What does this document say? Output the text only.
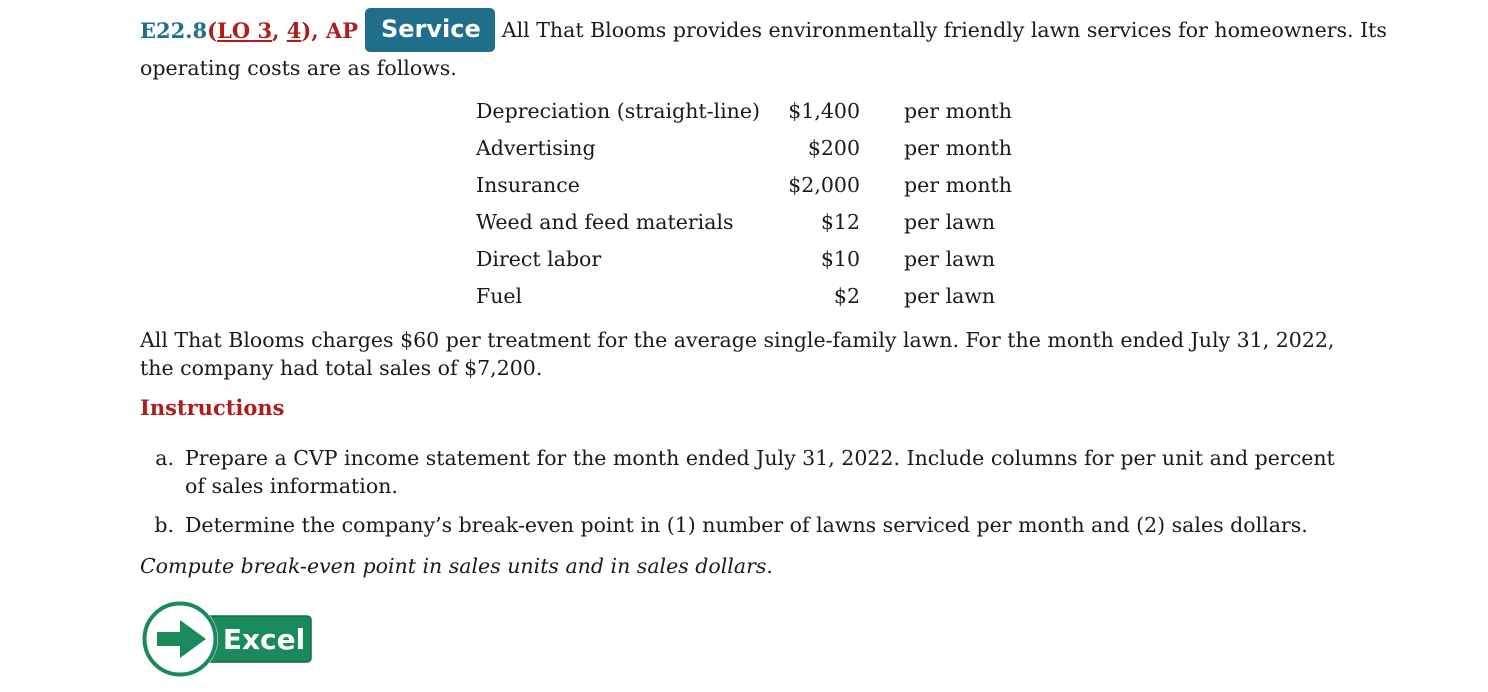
E22.8 (LO 3, 4), AP Service	All That Blooms provides environmentally friendly lawn services for homeowners. Its
operating costs are as follows.
Depreciation (straight-line)	$1,400	per month
Advertising	$200	per month
Insurance	$2,000	per month
Weed and feed materials	$12	per lawn
Direct labor	$10	per lawn
Fuel	$2	per lawn
All That Blooms charges $60 per treatment for the average single-family lawn. For the month ended July 31, 2022, the company had total sales of $7,200.
Instructions
a. Prepare a CVP income statement for the month ended July 31, 2022. Include columns for per unit and percent of sales information.
b. Determine the company’s break-even point in (1) number of lawns serviced per month and (2) sales dollars.
Compute break-even point in sales units and in sales dollars.
Excel
